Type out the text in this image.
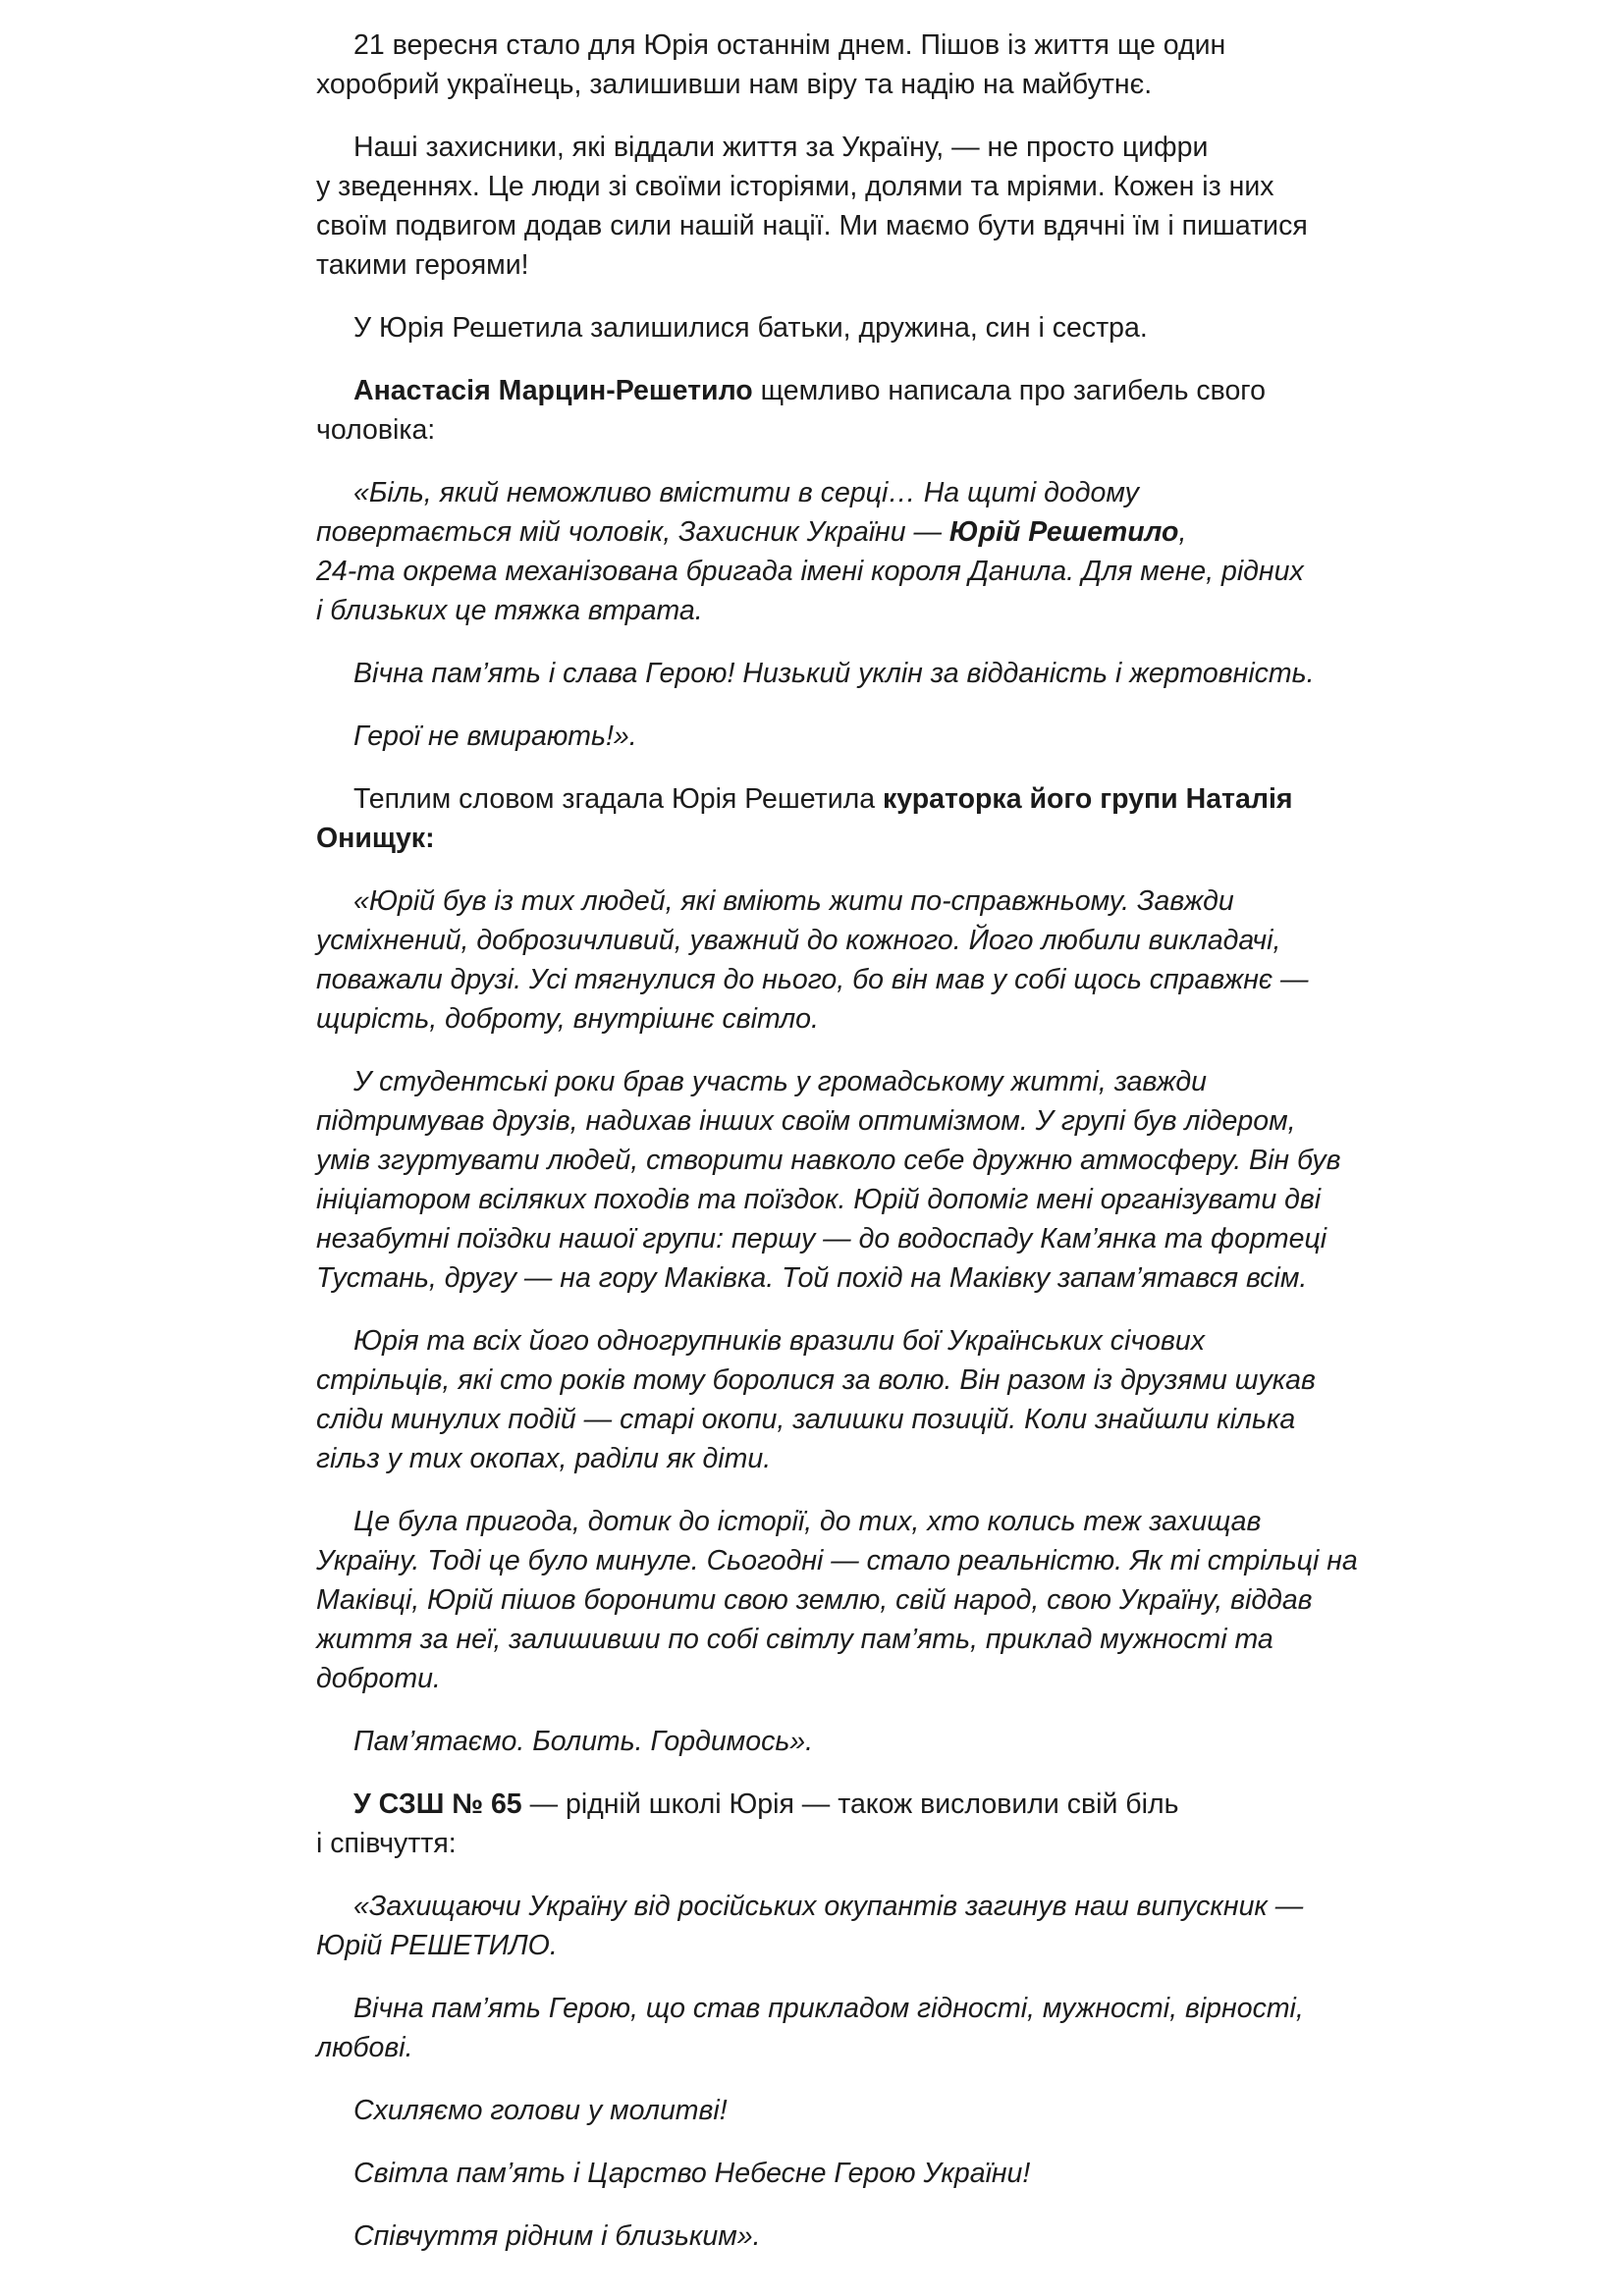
21 вересня стало для Юрія останнім днем. Пішов із життя ще один
хоробрий українець, залишивши нам віру та надію на майбутнє.

Наші захисники, які віддали життя за Україну, — не просто цифри
у зведеннях. Це люди зі своїми історіями, долями та мріями. Кожен із них
своїм подвигом додав сили нашій нації. Ми маємо бути вдячні їм і пишатися
такими героями!

У Юрія Решетила залишилися батьки, дружина, син і сестра.

Анастасія Марцин-Решетило щемливо написала про загибель свого
чоловіка:

«Біль, який неможливо вмістити в серці… На щиті додому
повертається мій чоловік, Захисник України — Юрій Решетило,
24-та окрема механізована бригада імені короля Данила. Для мене, рідних
і близьких це тяжка втрата.

Вічна пам’ять і слава Герою! Низький уклін за відданість і жертовність.

Герої не вмирають!».

Теплим словом згадала Юрія Решетила кураторка його групи Наталія
Онищук:

«Юрій був із тих людей, які вміють жити по-справжньому. Завжди
усміхнений, доброзичливий, уважний до кожного. Його любили викладачі,
поважали друзі. Усі тягнулися до нього, бо він мав у собі щось справжнє —
щирість, доброту, внутрішнє світло.

У студентські роки брав участь у громадському житті, завжди
підтримував друзів, надихав інших своїм оптимізмом. У групі був лідером,
умів згуртувати людей, створити навколо себе дружню атмосферу. Він був
ініціатором всіляких походів та поїздок. Юрій допоміг мені організувати дві
незабутні поїздки нашої групи: першу — до водоспаду Кам’янка та фортеці
Тустань, другу — на гору Маківка. Той похід на Маківку запам’ятався всім.

Юрія та всіх його одногрупників вразили бої Українських січових
стрільців, які сто років тому боролися за волю. Він разом із друзями шукав
сліди минулих подій — старі окопи, залишки позицій. Коли знайшли кілька
гільз у тих окопах, раділи як діти.

Це була пригода, дотик до історії, до тих, хто колись теж захищав
Україну. Тоді це було минуле. Сьогодні — стало реальністю. Як ті стрільці на
Маківці, Юрій пішов боронити свою землю, свій народ, свою Україну, віддав
життя за неї, залишивши по собі світлу пам’ять, приклад мужності та
доброти.

Пам’ятаємо. Болить. Гордимось».

У СЗШ № 65 — рідній школі Юрія — також висловили свій біль
і співчуття:

«Захищаючи Україну від російських окупантів загинув наш випускник —
Юрій РЕШЕТИЛО.

Вічна пам’ять Герою, що став прикладом гідності, мужності, вірності,
любові.

Схиляємо голови у молитві!

Світла пам’ять і Царство Небесне Герою України!

Співчуття рідним і близьким».
